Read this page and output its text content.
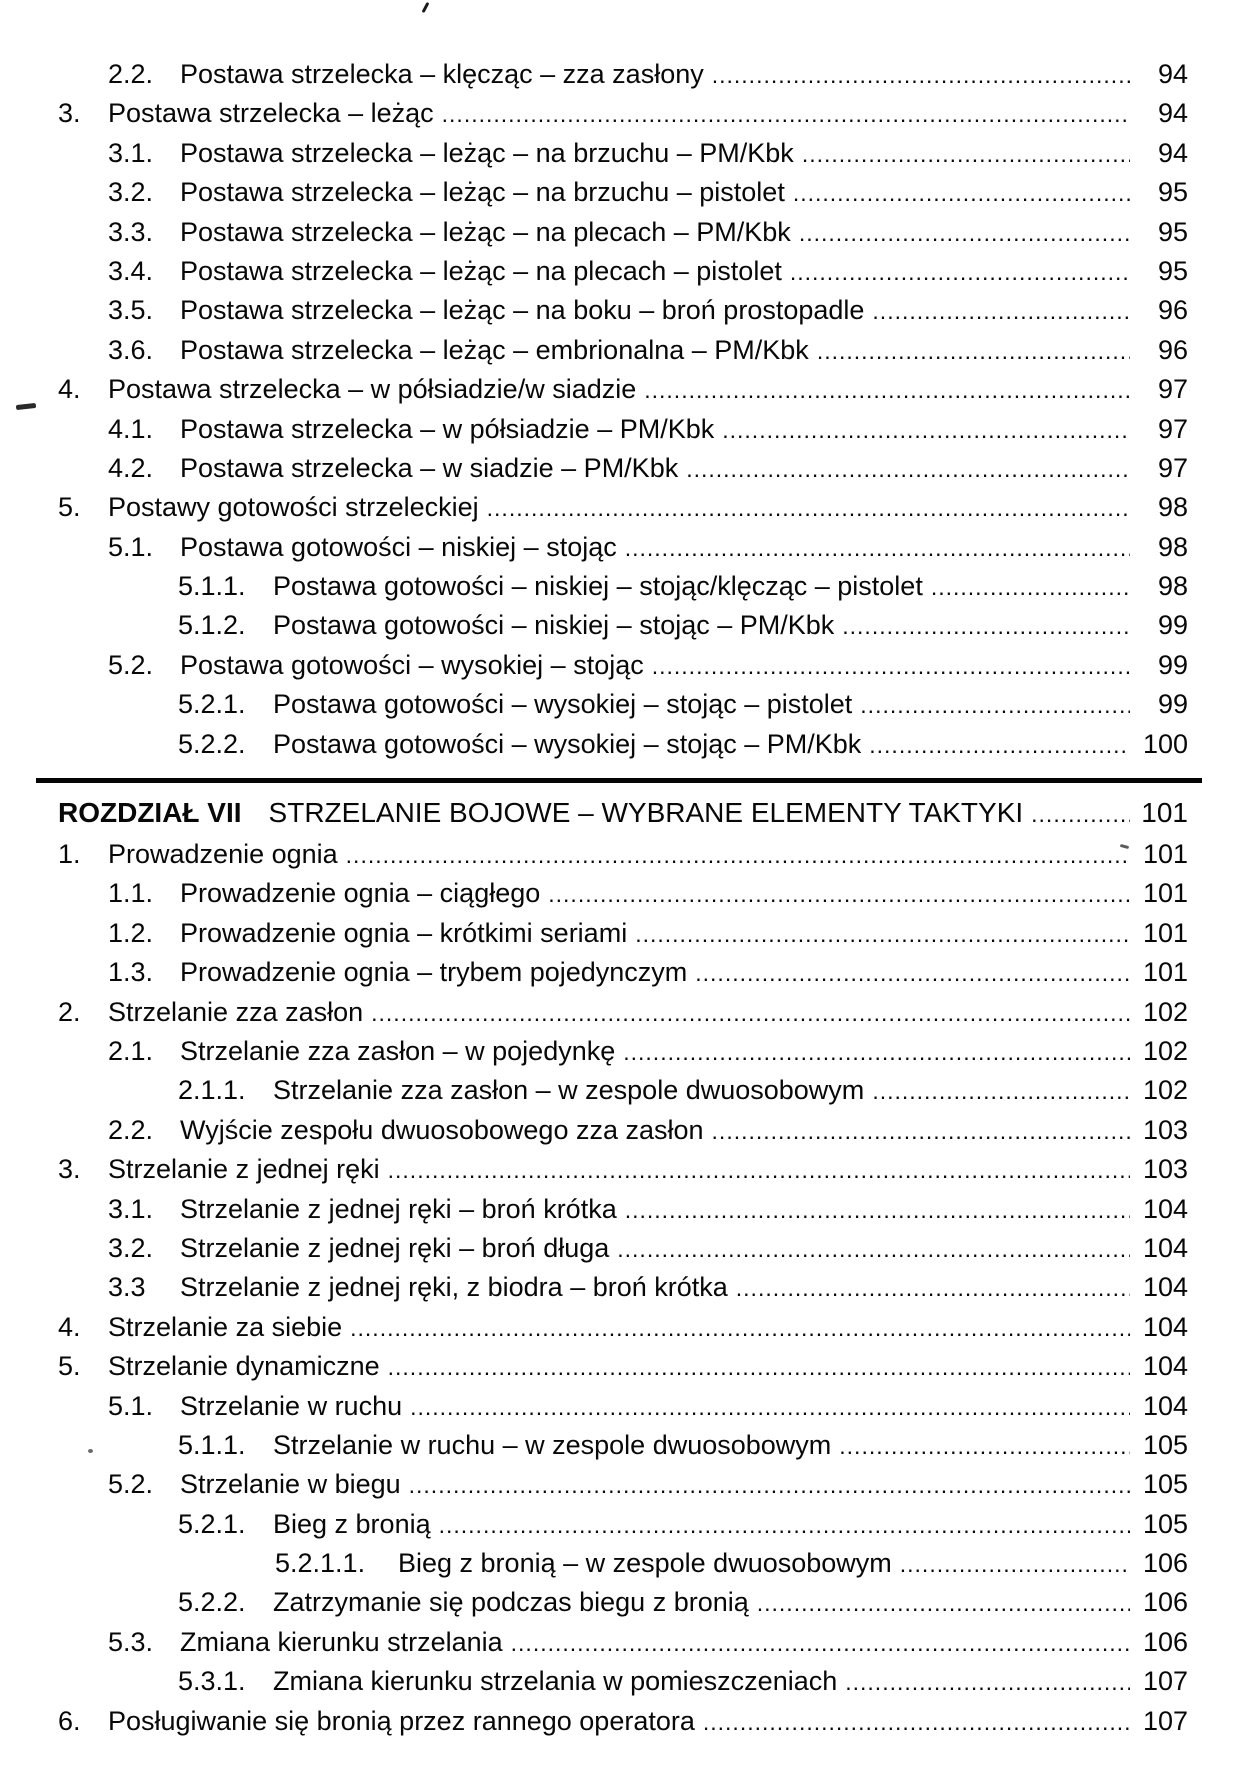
2.2. Postawa strzelecka – klęcząc – zza zasłony .....	94
3.	Postawa strzelecka – leżąc .....	94
3.1. Postawa strzelecka – leżąc – na brzuchu – PM/Kbk .....	94
3.2. Postawa strzelecka – leżąc – na brzuchu – pistolet .....	95
3.3. Postawa strzelecka – leżąc – na plecach – PM/Kbk .....	95
3.4. Postawa strzelecka – leżąc – na plecach – pistolet .....	95
3.5. Postawa strzelecka – leżąc – na boku – broń prostopadle .....	96
3.6. Postawa strzelecka – leżąc – embrionalna – PM/Kbk .....	96
4.	Postawa strzelecka – w półsiadzie/w siadzie .....	97
4.1. Postawa strzelecka – w półsiadzie – PM/Kbk .....	97
4.2. Postawa strzelecka – w siadzie – PM/Kbk .....	97
5.	Postawy gotowości strzeleckiej .....	98
5.1. Postawa gotowości – niskiej – stojąc .....	98
5.1.1.	Postawa gotowości – niskiej – stojąc/klęcząc – pistolet .....	98
5.1.2.	Postawa gotowości – niskiej – stojąc – PM/Kbk .....	99
5.2. Postawa gotowości – wysokiej – stojąc .....	99
5.2.1.	Postawa gotowości – wysokiej – stojąc – pistolet .....	99
5.2.2.	Postawa gotowości – wysokiej – stojąc – PM/Kbk .....	100
ROZDZIAŁ VII STRZELANIE BOJOWE – WYBRANE ELEMENTY TAKTYKI .....	101
1.	Prowadzenie ognia .....	101
1.1. Prowadzenie ognia – ciągłego .....	101
1.2. Prowadzenie ognia – krótkimi seriami .....	101
1.3. Prowadzenie ognia – trybem pojedynczym .....	101
2.	Strzelanie zza zasłon .....	102
2.1. Strzelanie zza zasłon – w pojedynkę .....	102
2.1.1.	Strzelanie zza zasłon – w zespole dwuosobowym .....	102
2.2. Wyjście zespołu dwuosobowego zza zasłon .....	103
3.	Strzelanie z jednej ręki .....	103
3.1. Strzelanie z jednej ręki – broń krótka .....	104
3.2. Strzelanie z jednej ręki – broń długa .....	104
3.3	Strzelanie z jednej ręki, z biodra – broń krótka .....	104
4.	Strzelanie za siebie .....	104
5.	Strzelanie dynamiczne .....	104
5.1. Strzelanie w ruchu .....	104
5.1.1.	Strzelanie w ruchu – w zespole dwuosobowym .....	105
5.2. Strzelanie w biegu .....	105
5.2.1.	Bieg z bronią .....	105
5.2.1.1.	Bieg z bronią – w zespole dwuosobowym .....	106
5.2.2.	Zatrzymanie się podczas biegu z bronią .....	106
5.3. Zmiana kierunku strzelania .....	106
5.3.1.	Zmiana kierunku strzelania w pomieszczeniach .....	107
6.	Posługiwanie się bronią przez rannego operatora .....	107
